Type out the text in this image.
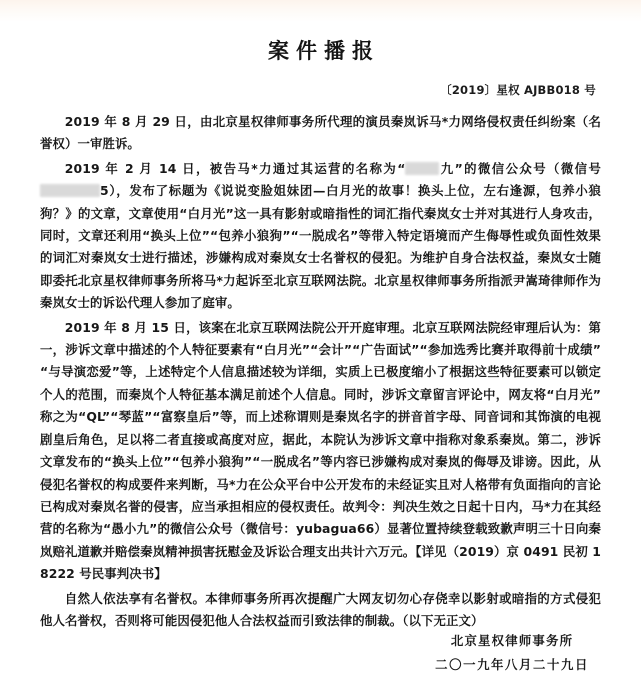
案件播报
〔2019〕星权 AJBB018 号

2019 年 8 月 29 日，由北京星权律师事务所代理的演员秦岚诉马*力网络侵权责任纠纷案（名誉权）一审胜诉。

2019 年 2 月 14 日，被告马*力通过其运营的名称为“	九”的微信公众号（微信号5），发布了标题为《说说变脸姐妹团—白月光的故事！换头上位，左右逢源，包养小狼狗？》的文章，文章使用“白月光”这一具有影射或暗指性的词汇指代秦岚女士并对其进行人身攻击，同时，文章还利用“换头上位”“包养小狼狗”“一脱成名”等带入特定语境而产生侮辱性或负面性效果的词汇对秦岚女士进行描述，涉嫌构成对秦岚女士名誉权的侵犯。为维护自身合法权益，秦岚女士随即委托北京星权律师事务所将马*力起诉至北京互联网法院。北京星权律师事务所指派尹嵩琦律师作为秦岚女士的诉讼代理人参加了庭审。

2019 年 8 月 15 日，该案在北京互联网法院公开开庭审理。北京互联网法院经审理后认为：第一，涉诉文章中描述的个人特征要素有“白月光”“会计”“广告面试”“参加选秀比赛并取得前十成绩”“与导演恋爱”等，上述特定个人信息描述较为详细，实质上已极度缩小了根据这些特征要素可以锁定个人的范围，而秦岚个人特征基本满足前述个人信息。同时，涉诉文章留言评论中，网友将“白月光”称之为“QL”“琴蓝”“富察皇后”等，而上述称谓则是秦岚名字的拼音首字母、同音词和其饰演的电视剧皇后角色，足以将二者直接或高度对应，据此，本院认为涉诉文章中指称对象系秦岚。第二，涉诉文章发布的“换头上位”“包养小狼狗”“一脱成名”等内容已涉嫌构成对秦岚的侮辱及诽谤。因此，从侵犯名誉权的构成要件来判断，马*力在公众平台中公开发布的未经证实且对人格带有负面指向的言论已构成对秦岚名誉的侵害，应当承担相应的侵权责任。故判令：判决生效之日起十日内，马*力在其经营的名称为“愚小九”的微信公众号（微信号：yubagua66）显著位置持续登载致歉声明三十日向秦岚赔礼道歉并赔偿秦岚精神损害抚慰金及诉讼合理支出共计六万元。【详见（2019）京 0491 民初 18222 号民事判决书】

自然人依法享有名誉权。本律师事务所再次提醒广大网友切勿心存侥幸以影射或暗指的方式侵犯他人名誉权，否则将可能因侵犯他人合法权益而引致法律的制裁。（以下无正文）

北京星权律师事务所
二〇一九年八月二十九日
